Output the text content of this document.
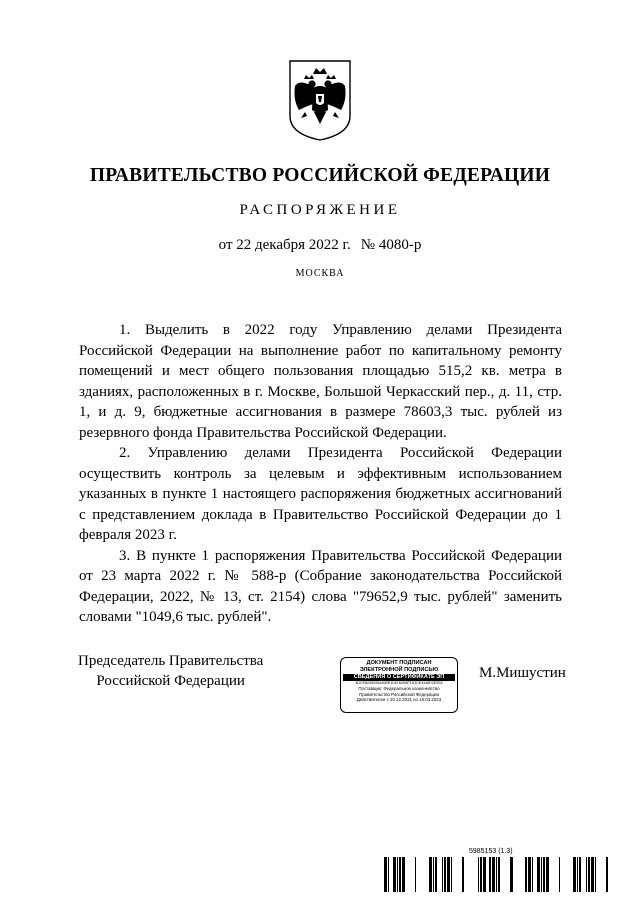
ПРАВИТЕЛЬСТВО РОССИЙСКОЙ ФЕДЕРАЦИИ
РАСПОРЯЖЕНИЕ
от 22 декабря 2022 г. № 4080-р
МОСКВА

1. Выделить в 2022 году Управлению делами Президента Российской Федерации на выполнение работ по капитальному ремонту помещений и мест общего пользования площадью 515,2 кв. метра в зданиях, расположенных в г. Москве, Большой Черкасский пер., д. 11, стр. 1, и д. 9, бюджетные ассигнования в размере 78603,3 тыс. рублей из резервного фонда Правительства Российской Федерации.

2. Управлению делами Президента Российской Федерации осуществить контроль за целевым и эффективным использованием указанных в пункте 1 настоящего распоряжения бюджетных ассигнований с представлением доклада в Правительство Российской Федерации до 1 февраля 2023 г.

3. В пункте 1 распоряжения Правительства Российской Федерации от 23 марта 2022 г. № 588-р (Собрание законодательства Российской Федерации, 2022, № 13, ст. 2154) слова "79652,9 тыс. рублей" заменить словами "1049,6 тыс. рублей".

Председатель Правительства
Российской Федерации
ДОКУМЕНТ ПОДПИСАН
ЭЛЕКТРОННОЙ ПОДПИСЬЮ
СВЕДЕНИЯ О СЕРТИФИКАТЕ ЭП
4DCE8030930A40BE3D6782D8F1D3CE4448D2E2E8
Поставщик: Федеральное казначейство
Правительство Российской Федерации
Действителен с 10.12.2021 по 10.03.2023
М.Мишустин
5985153 (1.3)
